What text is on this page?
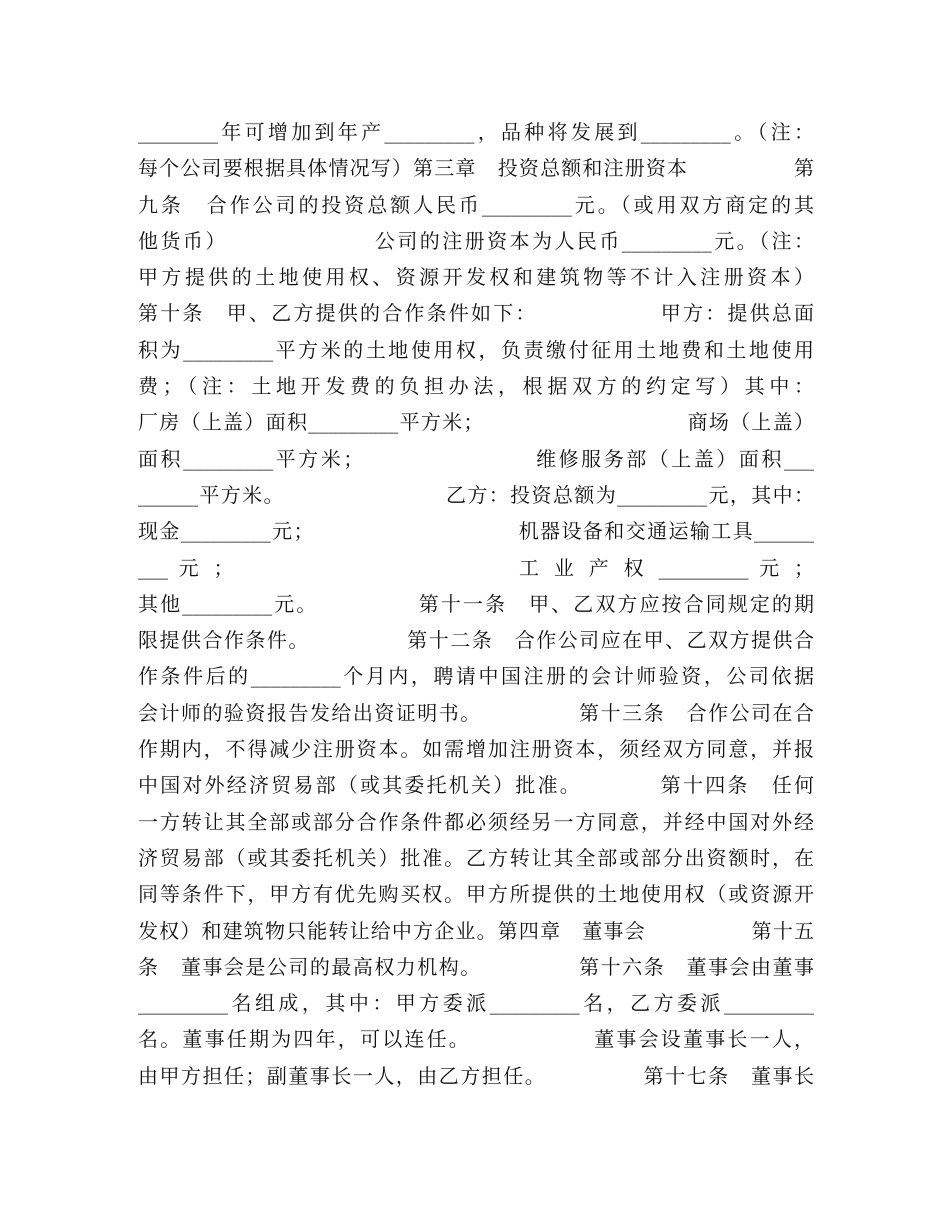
________年可增加到年产_________，品种将发展到_________。（注：
每个公司要根据具体情况写）第三章　投资总额和注册资本　　　　　第
九条　合作公司的投资总额人民币_________元。（或用双方商定的其
他货币）　　　　　　　公司的注册资本为人民币_________元。（注：
甲方提供的土地使用权、资源开发权和建筑物等不计入注册资本）
第十条　甲、乙方提供的合作条件如下：　　　　　　甲方：提供总面
积为_________平方米的土地使用权，负责缴付征用土地费和土地使用
费；（注：土地开发费的负担办法，根据双方的约定写）其中：
厂房（上盖）面积_________平方米；　　　　　　　　　　商场（上盖）
面积_________平方米；　　　　　　　　维修服务部（上盖）面积___
______平方米。　　　　　　　　乙方：投资总额为_________元，其中：
现金_________元；　　　　　　　　　　机器设备和交通运输工具______
___ 元 ；　　　　　　　　　　　　工 业 产 权 _________ 元 ；
其他_________元。　　　　　第十一条　甲、乙双方应按合同规定的期
限提供合作条件。　　　　　第十二条　合作公司应在甲、乙双方提供合
作条件后的_________个月内，聘请中国注册的会计师验资，公司依据
会计师的验资报告发给出资证明书。　　　　　第十三条　合作公司在合
作期内，不得减少注册资本。如需增加注册资本，须经双方同意，并报
中国对外经济贸易部（或其委托机关）批准。　　　　第十四条　任何
一方转让其全部或部分合作条件都必须经另一方同意，并经中国对外经
济贸易部（或其委托机关）批准。乙方转让其全部或部分出资额时，在
同等条件下，甲方有优先购买权。甲方所提供的土地使用权（或资源开
发权）和建筑物只能转让给中方企业。第四章　董事会　　　　　第十五
条　董事会是公司的最高权力机构。　　　　　第十六条　董事会由董事
_________名组成，其中：甲方委派_________名，乙方委派_________
名。董事任期为四年，可以连任。　　　　　　董事会设董事长一人，
由甲方担任；副董事长一人，由乙方担任。　　　　　第十七条　董事长
